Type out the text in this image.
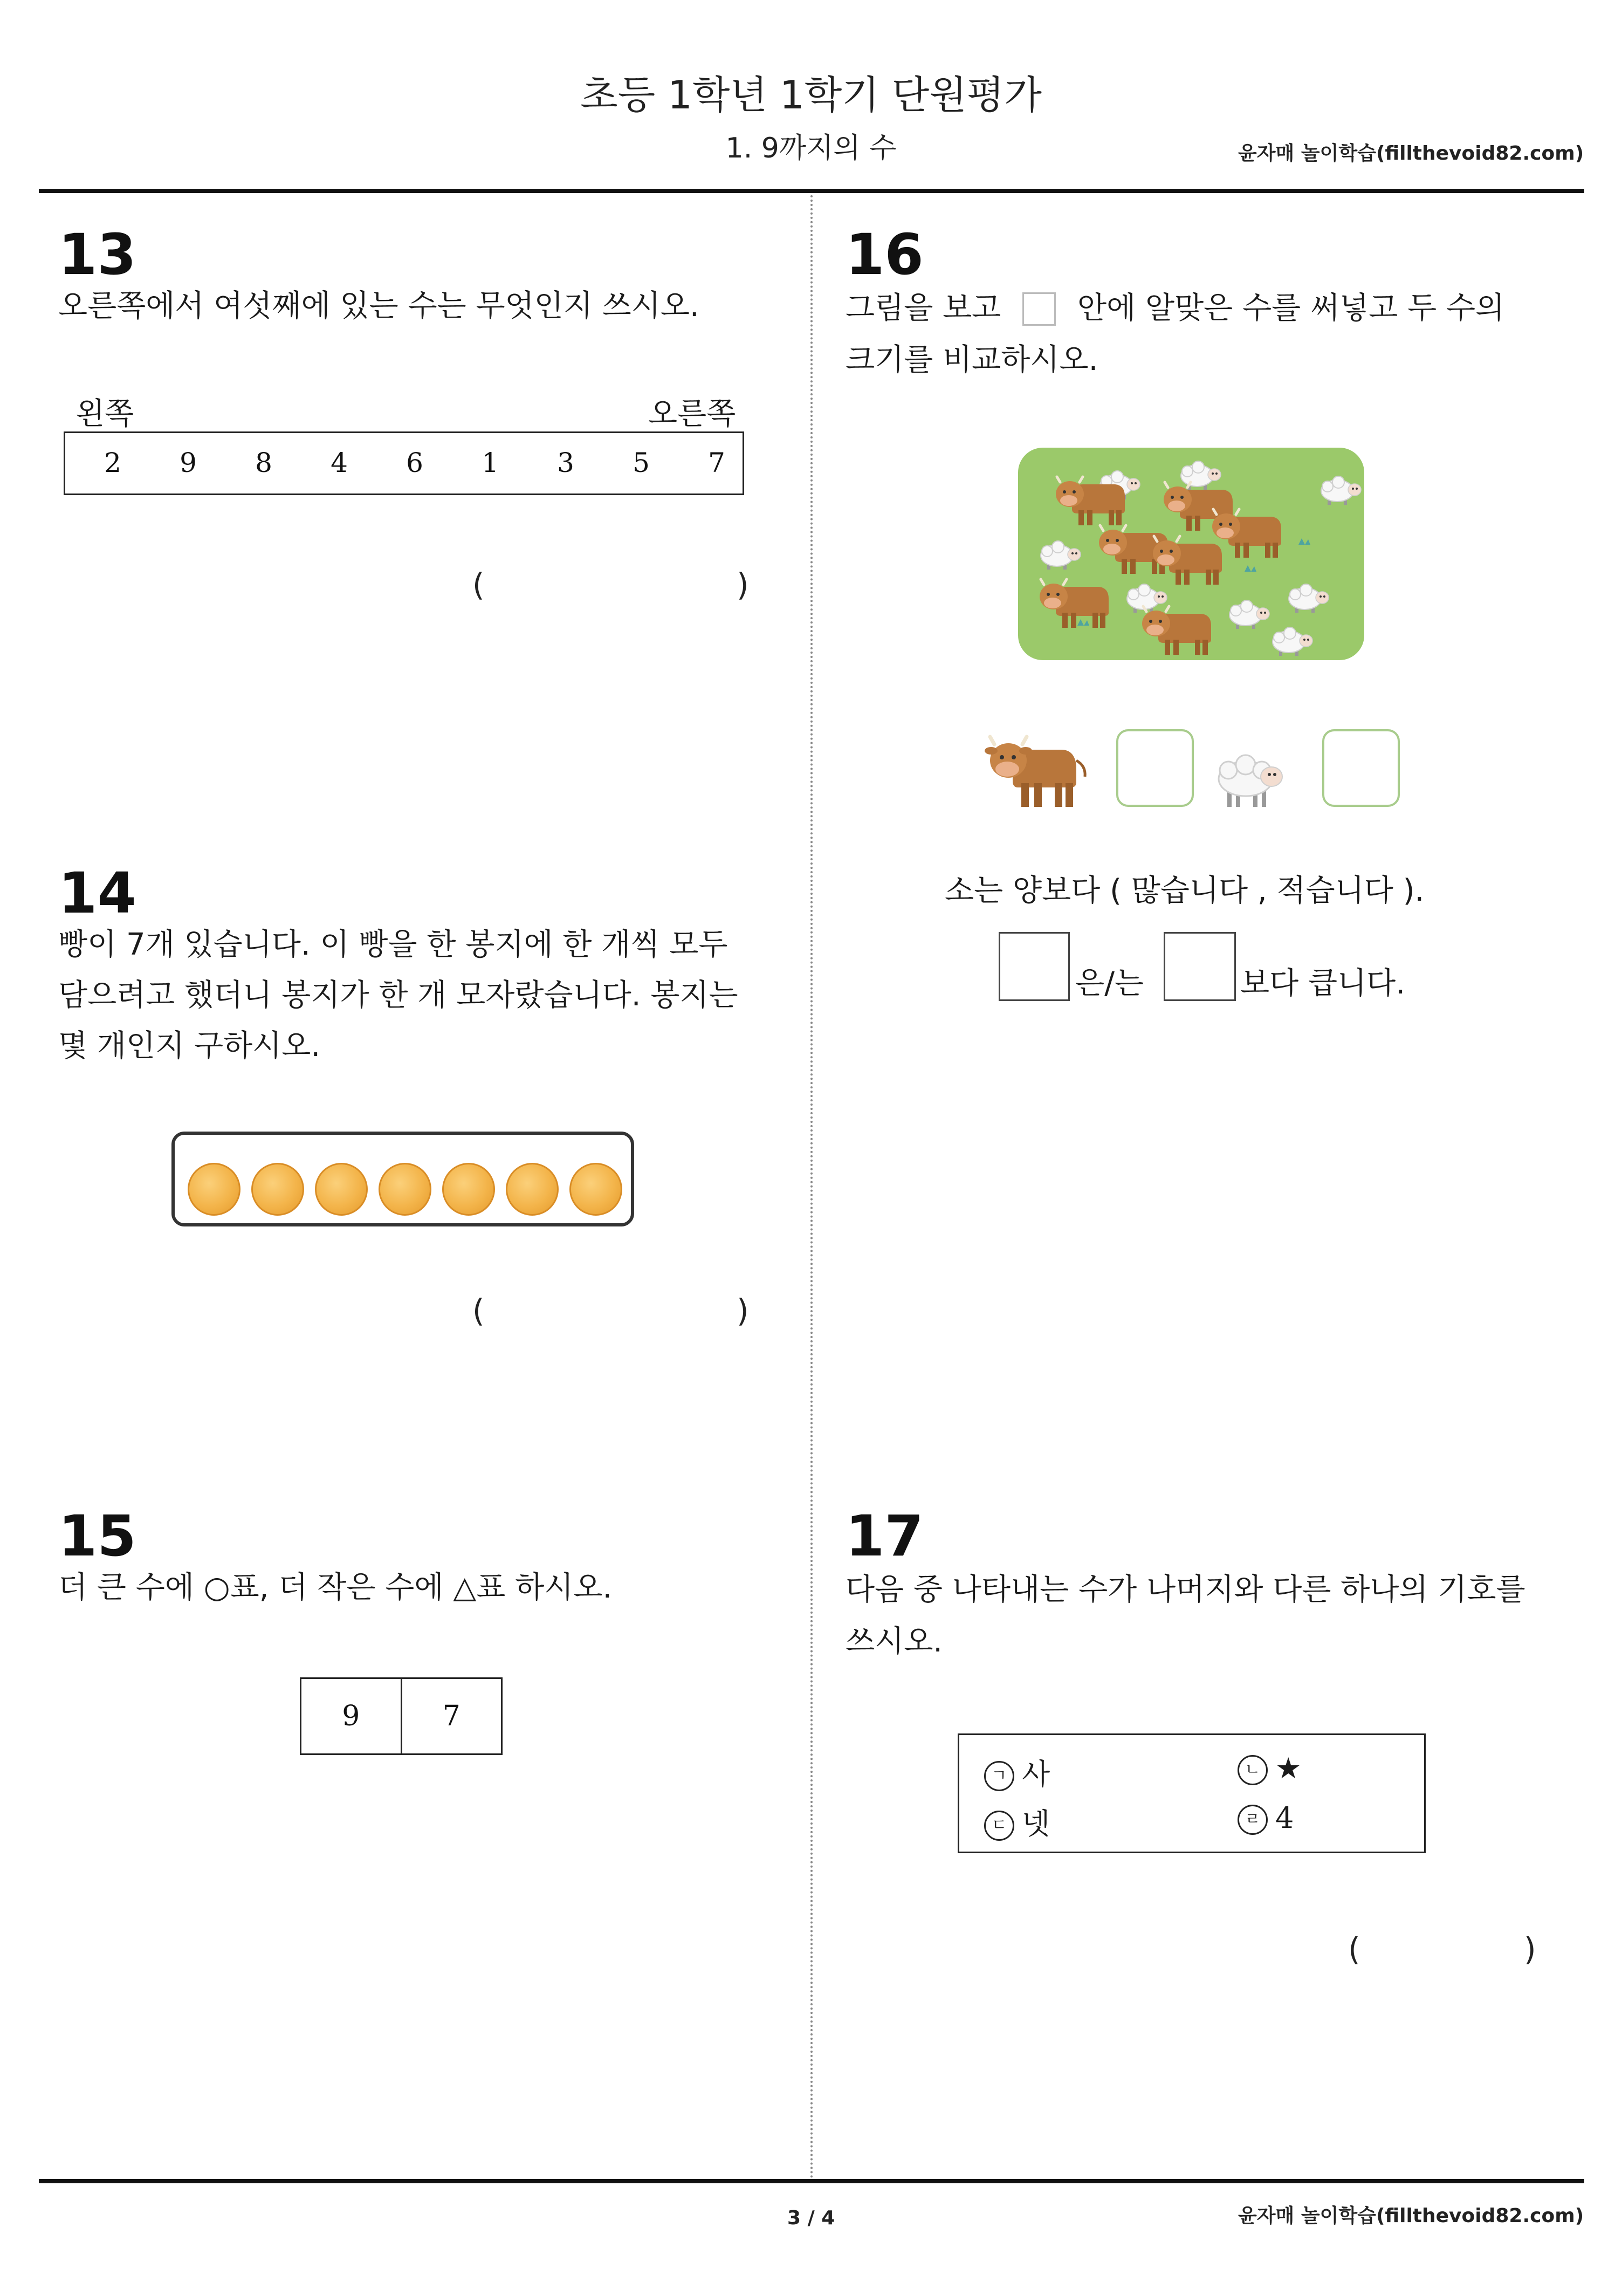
초등 1학년 1학기 단원평가
1. 9까지의 수	윤자매 놀이학습(fillthevoid82.com)
13
오른쪽에서 여섯째에 있는 수는 무엇인지 쓰시오.
왼쪽	오른쪽
2	9	8	4	6	1	3	5	7
(	)
14
빵이 7개 있습니다. 이 빵을 한 봉지에 한 개씩 모두
담으려고 했더니 봉지가 한 개 모자랐습니다. 봉지는
몇 개인지 구하시오.
(	)
15
더 큰 수에 ○표, 더 작은 수에 △표 하시오.
9	7
16
그림을 보고	안에 알맞은 수를 써넣고 두 수의
크기를 비교하시오.
소는 양보다 ( 많습니다 , 적습니다 ).
은/는	보다 큽니다.
17
다음 중 나타내는 수가 나머지와 다른 하나의 기호를
쓰시오.
ㄱ 사	ㄴ ★
ㄷ 넷	ㄹ 4
(	)
3 / 4	윤자매 놀이학습(fillthevoid82.com)
